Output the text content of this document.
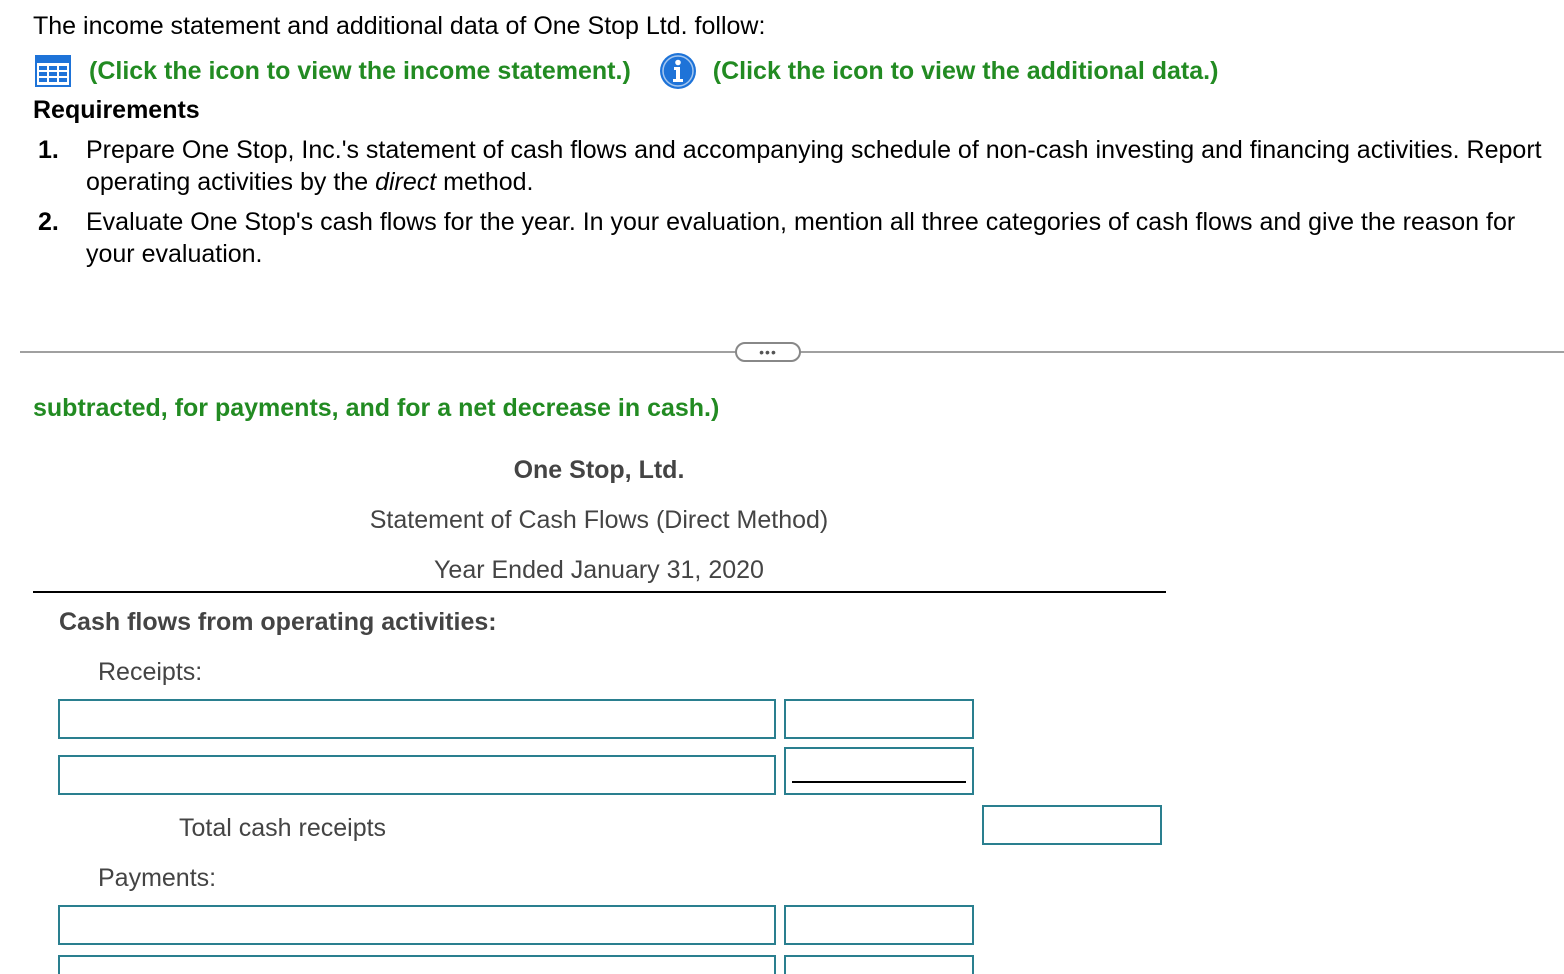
The income statement and additional data of One Stop Ltd. follow:
(Click the icon to view the income statement.)	(Click the icon to view the additional data.)
Requirements
1.	Prepare One Stop, Inc.'s statement of cash flows and accompanying schedule of non-cash investing and financing activities. Report operating activities by the direct method.
2.	Evaluate One Stop's cash flows for the year. In your evaluation, mention all three categories of cash flows and give the reason for your evaluation.
•••
subtracted, for payments, and for a net decrease in cash.)
One Stop, Ltd.
Statement of Cash Flows (Direct Method)
Year Ended January 31, 2020
Cash flows from operating activities:
Receipts:
Total cash receipts
Payments:
